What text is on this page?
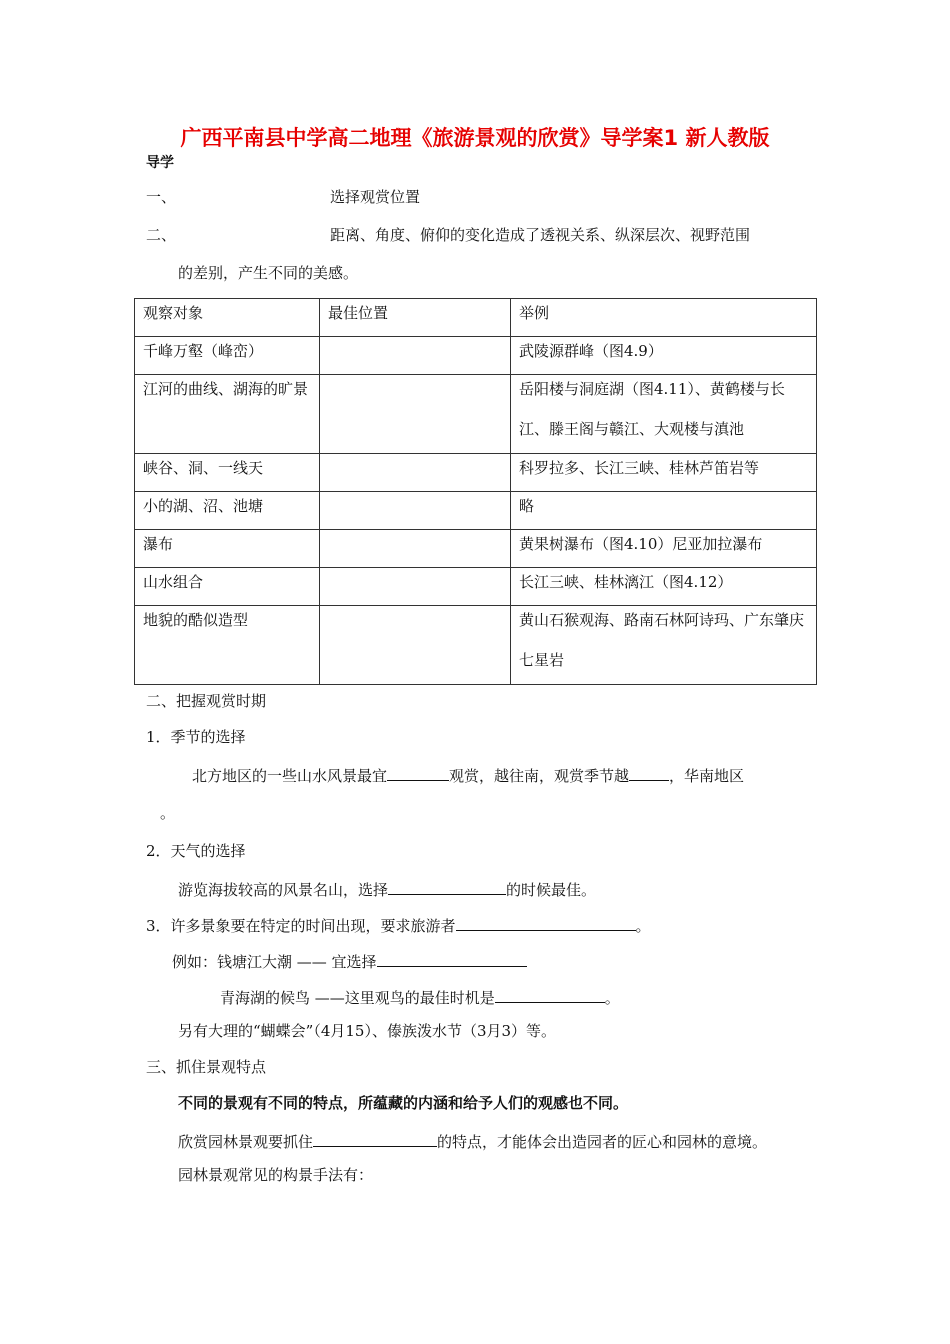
广西平南县中学高二地理《旅游景观的欣赏》导学案1 新人教版
导学
一、	选择观赏位置
二、	距离、角度、俯仰的变化造成了透视关系、纵深层次、视野范围
的差别，产生不同的美感。
观察对象	最佳位置	举例

千峰万壑（峰峦）		武陵源群峰（图4.9）

江河的曲线、湖海的旷景		岳阳楼与洞庭湖（图4.11）、黄鹤楼与长江、滕王阁与赣江、大观楼与滇池

峡谷、洞、一线天		科罗拉多、长江三峡、桂林芦笛岩等

小的湖、沼、池塘		略

瀑布		黄果树瀑布（图4.10）尼亚加拉瀑布

山水组合		长江三峡、桂林漓江（图4.12）

地貌的酷似造型		黄山石猴观海、路南石林阿诗玛、广东肇庆七星岩
二、把握观赏时期
1．季节的选择
北方地区的一些山水风景最宜	观赏，越往南，观赏季节越	，华南地区
。
2．天气的选择
游览海拔较高的风景名山，选择	的时候最佳。
3．许多景象要在特定的时间出现，要求旅游者	。
例如：钱塘江大潮 —— 宜选择
青海湖的候鸟 ——这里观鸟的最佳时机是	。
另有大理的“蝴蝶会”（4月15）、傣族泼水节（3月3）等。
三、抓住景观特点
不同的景观有不同的特点，所蕴藏的内涵和给予人们的观感也不同。
欣赏园林景观要抓住	的特点，才能体会出造园者的匠心和园林的意境。
园林景观常见的构景手法有：
